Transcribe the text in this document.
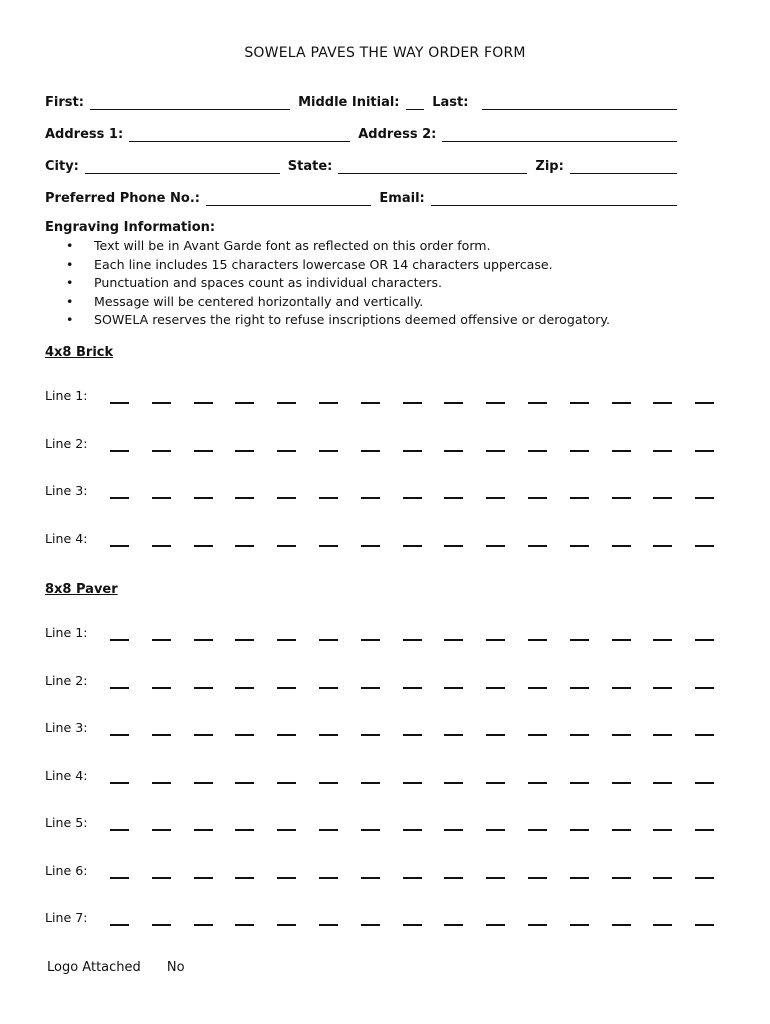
SOWELA PAVES THE WAY ORDER FORM
First:	Middle Initial:	Last:
Address 1:	Address 2:
City:	State:	Zip:
Preferred Phone No.:	Email:
Engraving Information:
• Text will be in Avant Garde font as reflected on this order form.
• Each line includes 15 characters lowercase OR 14 characters uppercase.
• Punctuation and spaces count as individual characters.
• Message will be centered horizontally and vertically.
• SOWELA reserves the right to refuse inscriptions deemed offensive or derogatory.
4x8 Brick
Line 1:
Line 2:
Line 3:
Line 4:
8x8 Paver
Line 1:
Line 2:
Line 3:
Line 4:
Line 5:
Line 6:
Line 7:
Logo Attached No
